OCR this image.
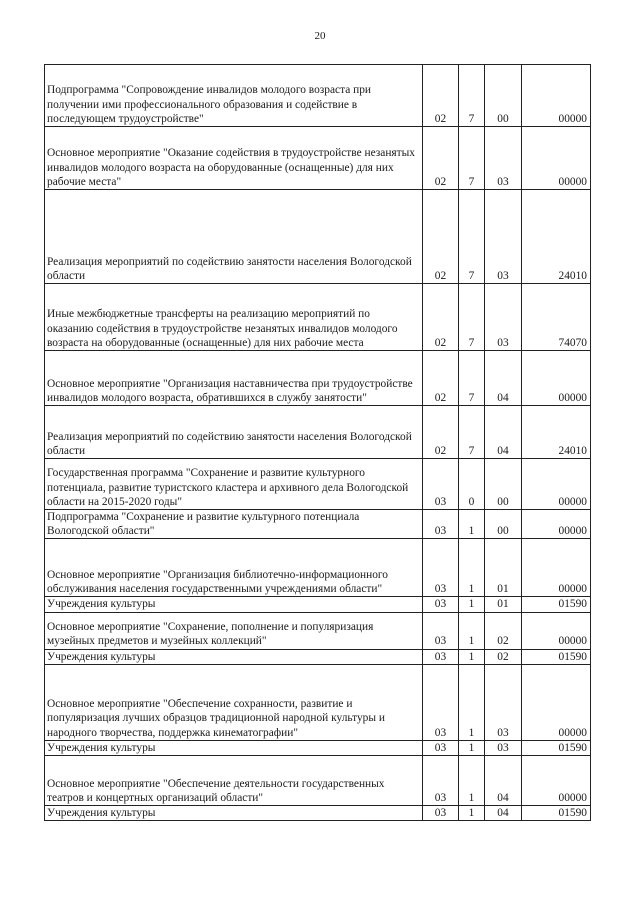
20
Подпрограмма "Сопровождение инвалидов молодого возраста при получении ими профессионального образования и содействие в последующем трудоустройстве"	02	7	00	00000
Основное мероприятие "Оказание содействия в трудоустройстве незанятых инвалидов молодого возраста на оборудованные (оснащенные) для них рабочие места"	02	7	03	00000
Реализация мероприятий по содействию занятости населения Вологодской области	02	7	03	24010
Иные межбюджетные трансферты на реализацию мероприятий по оказанию содействия в трудоустройстве незанятых инвалидов молодого возраста на оборудованные (оснащенные) для них рабочие места	02	7	03	74070
Основное мероприятие "Организация наставничества при трудоустройстве инвалидов молодого возраста, обратившихся в службу занятости"	02	7	04	00000
Реализация мероприятий по содействию занятости населения Вологодской области	02	7	04	24010
Государственная программа "Сохранение и развитие культурного потенциала, развитие туристского кластера и архивного дела Вологодской области на 2015-2020 годы"	03	0	00	00000
Подпрограмма "Сохранение и развитие культурного потенциала Вологодской области"	03	1	00	00000
Основное мероприятие "Организация библиотечно-информационного обслуживания населения государственными учреждениями области"	03	1	01	00000
Учреждения культуры	03	1	01	01590
Основное мероприятие "Сохранение, пополнение и популяризация музейных предметов и музейных коллекций"	03	1	02	00000
Учреждения культуры	03	1	02	01590
Основное мероприятие "Обеспечение сохранности, развитие и популяризация лучших образцов традиционной народной культуры и народного творчества, поддержка кинематографии"	03	1	03	00000
Учреждения культуры	03	1	03	01590
Основное мероприятие "Обеспечение деятельности государственных театров и концертных организаций области"	03	1	04	00000
Учреждения культуры	03	1	04	01590
